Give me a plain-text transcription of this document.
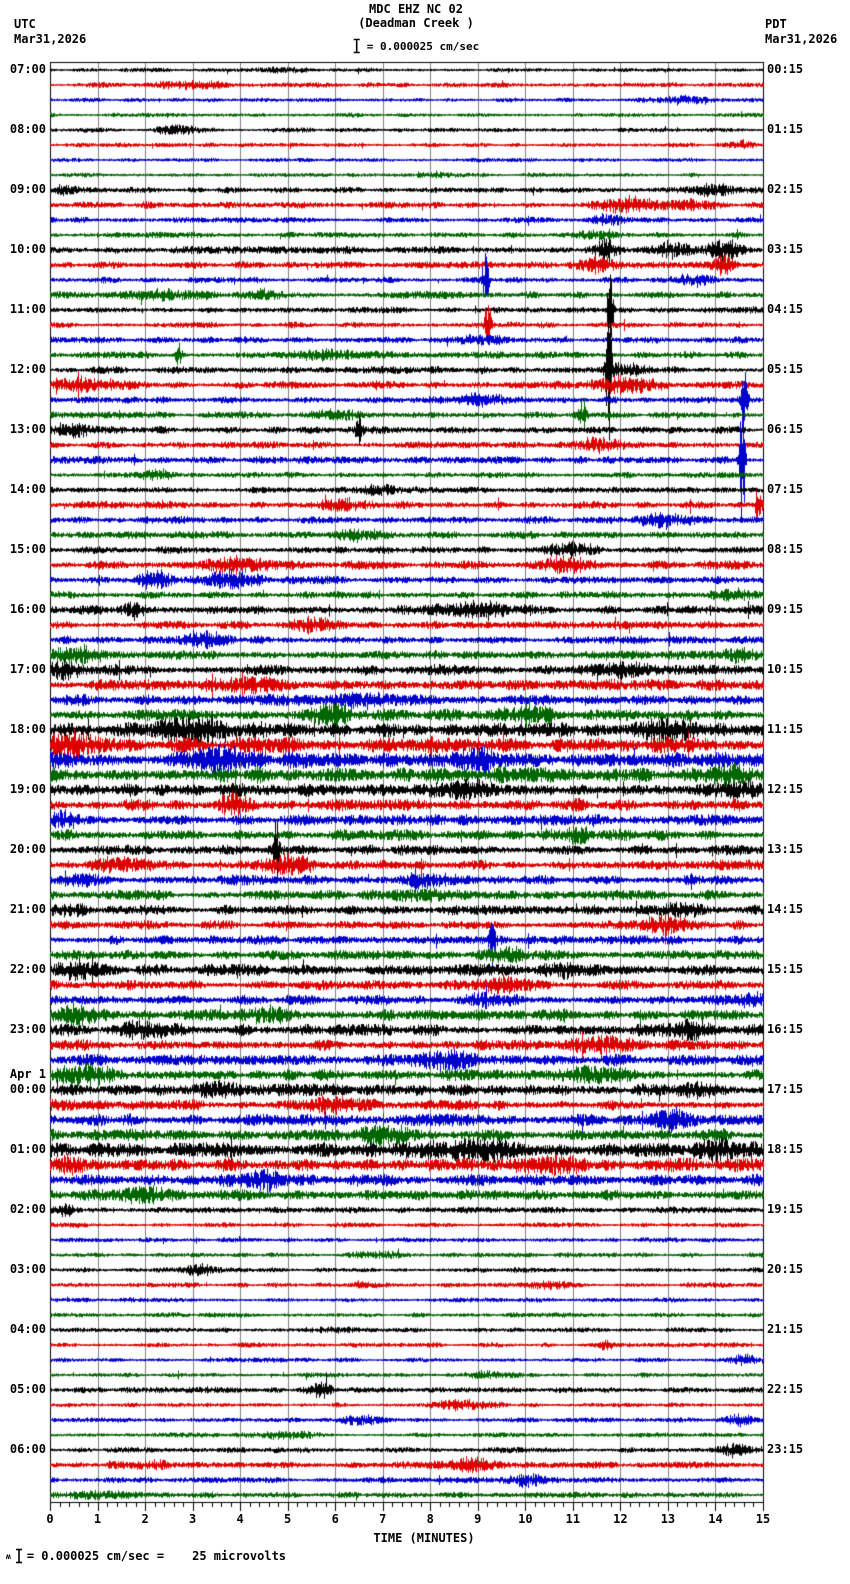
MDC EHZ NC 02
(Deadman Creek )
= 0.000025 cm/sec
UTC
Mar31,2026
PDT
Mar31,2026
07:00	00:15
08:00	01:15
09:00	02:15
10:00	03:15
11:00	04:15
12:00	05:15
13:00	06:15
14:00	07:15
15:00	08:15
16:00	09:15
17:00	10:15
18:00	11:15
19:00	12:15
20:00	13:15
21:00	14:15
22:00	15:15
23:00	16:15
00:00	17:15
Apr 1
01:00	18:15
02:00	19:15
03:00	20:15
04:00	21:15
05:00	22:15
06:00	23:15
0	1	2	3	4	5	6	7	8	9	10	11	12	13	14	15
TIME (MINUTES)
ʍ = 0.000025 cm/sec = 25 microvolts
